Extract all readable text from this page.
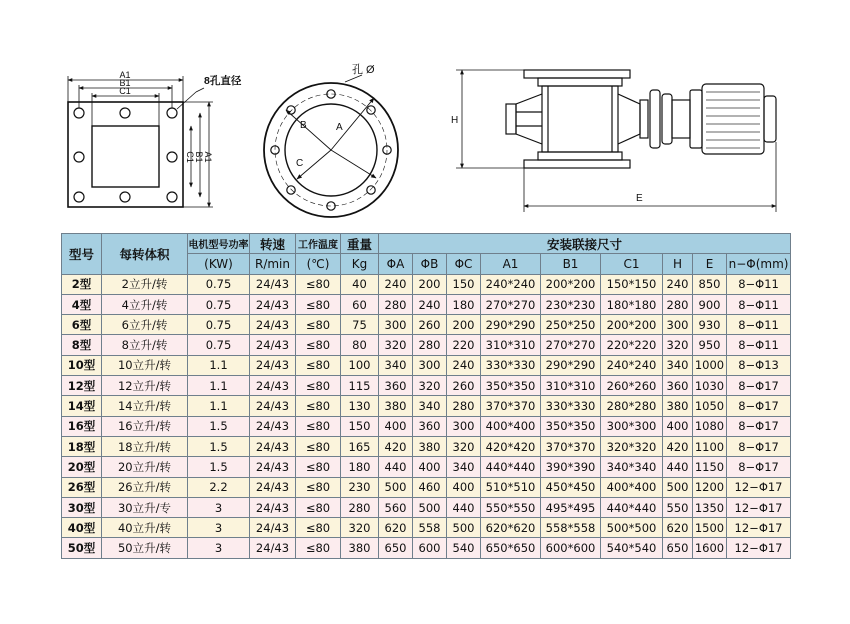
A1
B1
C1
8孔直径
C1 B1 A1
孔 Ø
A
B
C
H
E
型号	每转体积	电机型号功率	转速	工作温度	重量	安装联接尺寸								
		(KW)	R/min	(℃)	Kg	ΦA	ΦB	ΦC	A1	B1	C1	H	E	n−Φ(mm)
2型	2立升/转	0.75	24/43	≤80	40	240	200	150	240*240	200*200	150*150	240	850	8−Φ11
4型	4立升/转	0.75	24/43	≤80	60	280	240	180	270*270	230*230	180*180	280	900	8−Φ11
6型	6立升/转	0.75	24/43	≤80	75	300	260	200	290*290	250*250	200*200	300	930	8−Φ11
8型	8立升/转	0.75	24/43	≤80	80	320	280	220	310*310	270*270	220*220	320	950	8−Φ11
10型	10立升/转	1.1	24/43	≤80	100	340	300	240	330*330	290*290	240*240	340	1000	8−Φ13
12型	12立升/转	1.1	24/43	≤80	115	360	320	260	350*350	310*310	260*260	360	1030	8−Φ17
14型	14立升/转	1.1	24/43	≤80	130	380	340	280	370*370	330*330	280*280	380	1050	8−Φ17
16型	16立升/转	1.5	24/43	≤80	150	400	360	300	400*400	350*350	300*300	400	1080	8−Φ17
18型	18立升/转	1.5	24/43	≤80	165	420	380	320	420*420	370*370	320*320	420	1100	8−Φ17
20型	20立升/转	1.5	24/43	≤80	180	440	400	340	440*440	390*390	340*340	440	1150	8−Φ17
26型	26立升/转	2.2	24/43	≤80	230	500	460	400	510*510	450*450	400*400	500	1200	12−Φ17
30型	30立升/专	3	24/43	≤80	280	560	500	440	550*550	495*495	440*440	550	1350	12−Φ17
40型	40立升/转	3	24/43	≤80	320	620	558	500	620*620	558*558	500*500	620	1500	12−Φ17
50型	50立升/转	3	24/43	≤80	380	650	600	540	650*650	600*600	540*540	650	1600	12−Φ17
